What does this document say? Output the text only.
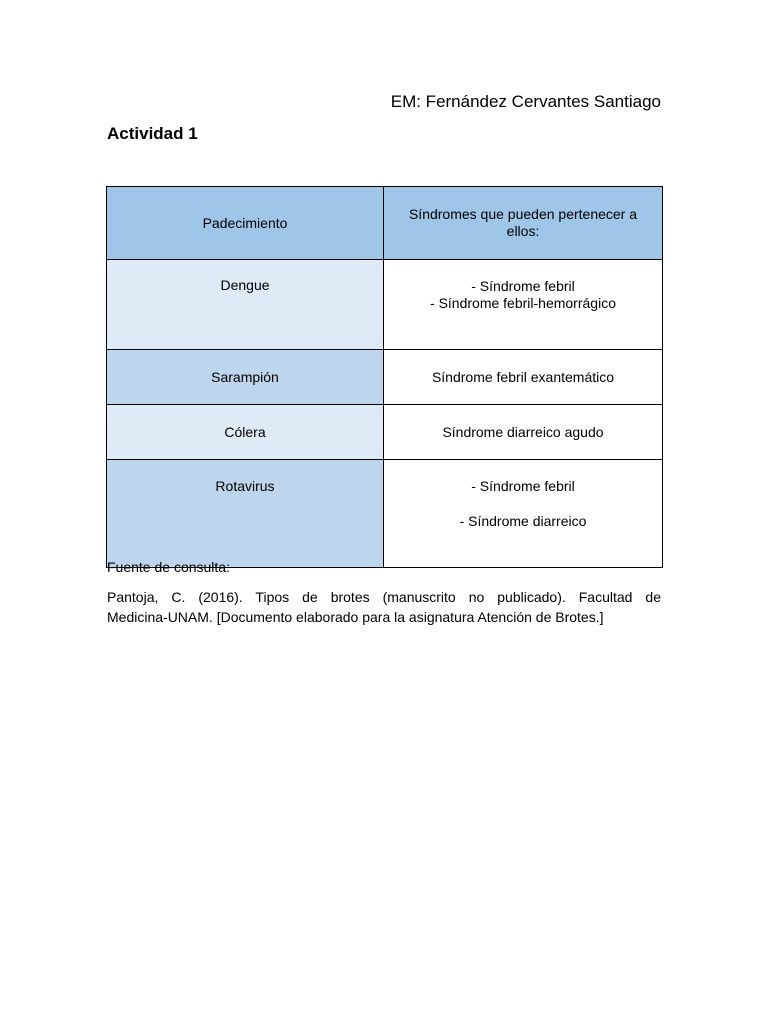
EM: Fernández Cervantes Santiago
Actividad 1
Padecimiento	Síndromes que pueden pertenecer a ellos:
Dengue	- Síndrome febril
- Síndrome febril-hemorrágico

Sarampión	Síndrome febril exantemático

Cólera	Síndrome diarreico agudo

Rotavirus	- Síndrome febril
- Síndrome diarreico
Fuente de consulta:
Pantoja, C. (2016). Tipos de brotes (manuscrito no publicado). Facultad de
Medicina-UNAM. [Documento elaborado para la asignatura Atención de Brotes.]
